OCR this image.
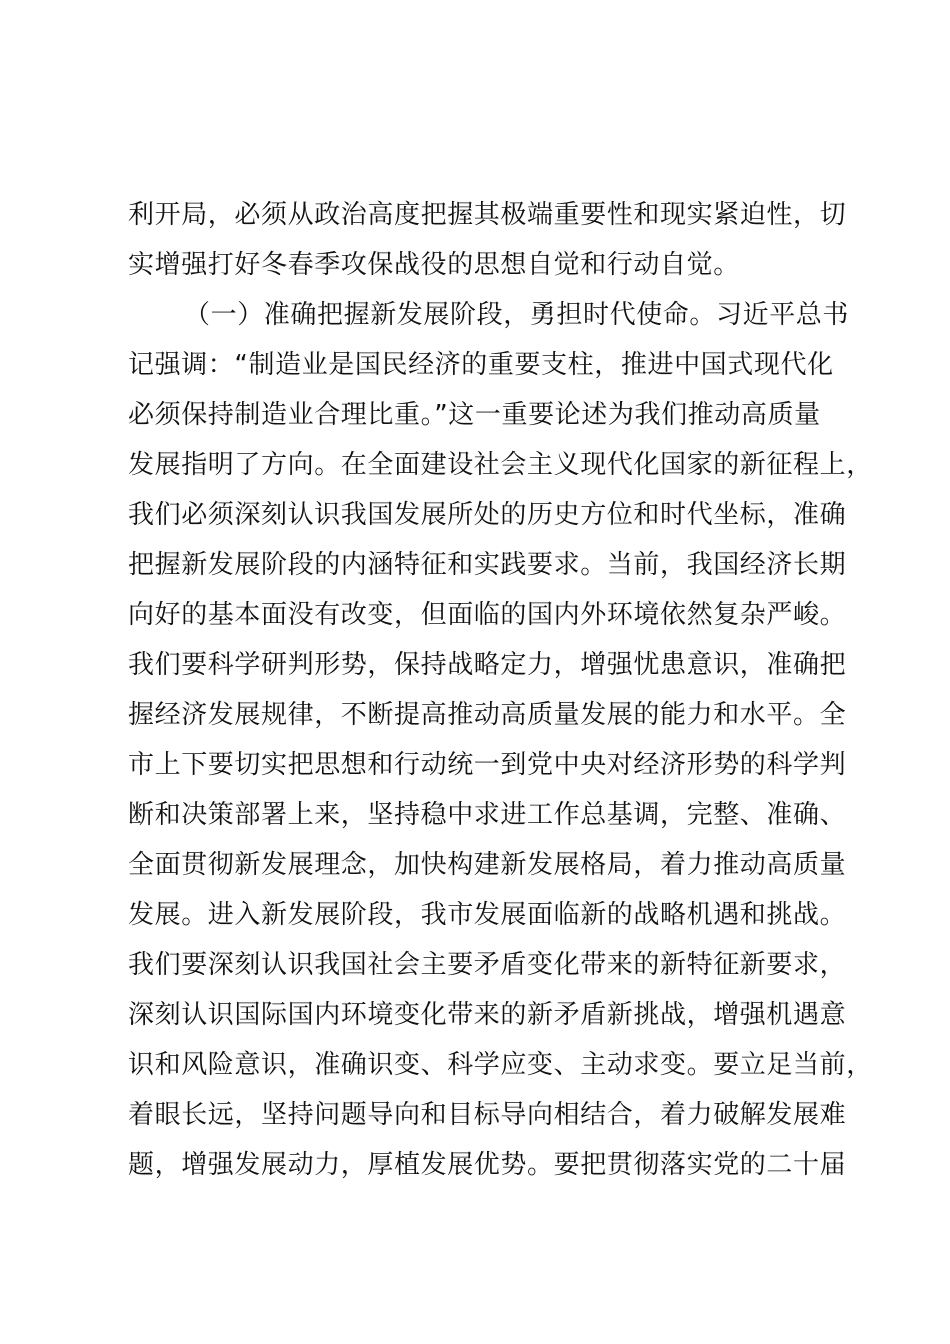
利开局，必须从政治高度把握其极端重要性和现实紧迫性，切
实增强打好冬春季攻保战役的思想自觉和行动自觉。
（一）准确把握新发展阶段，勇担时代使命。习近平总书
记强调：“制造业是国民经济的重要支柱，推进中国式现代化
必须保持制造业合理比重。”这一重要论述为我们推动高质量
发展指明了方向。在全面建设社会主义现代化国家的新征程上，
我们必须深刻认识我国发展所处的历史方位和时代坐标，准确
把握新发展阶段的内涵特征和实践要求。当前，我国经济长期
向好的基本面没有改变，但面临的国内外环境依然复杂严峻。
我们要科学研判形势，保持战略定力，增强忧患意识，准确把
握经济发展规律，不断提高推动高质量发展的能力和水平。全
市上下要切实把思想和行动统一到党中央对经济形势的科学判
断和决策部署上来，坚持稳中求进工作总基调，完整、准确、
全面贯彻新发展理念，加快构建新发展格局，着力推动高质量
发展。进入新发展阶段，我市发展面临新的战略机遇和挑战。
我们要深刻认识我国社会主要矛盾变化带来的新特征新要求，
深刻认识国际国内环境变化带来的新矛盾新挑战，增强机遇意
识和风险意识，准确识变、科学应变、主动求变。要立足当前，
着眼长远，坚持问题导向和目标导向相结合，着力破解发展难
题，增强发展动力，厚植发展优势。要把贯彻落实党的二十届
